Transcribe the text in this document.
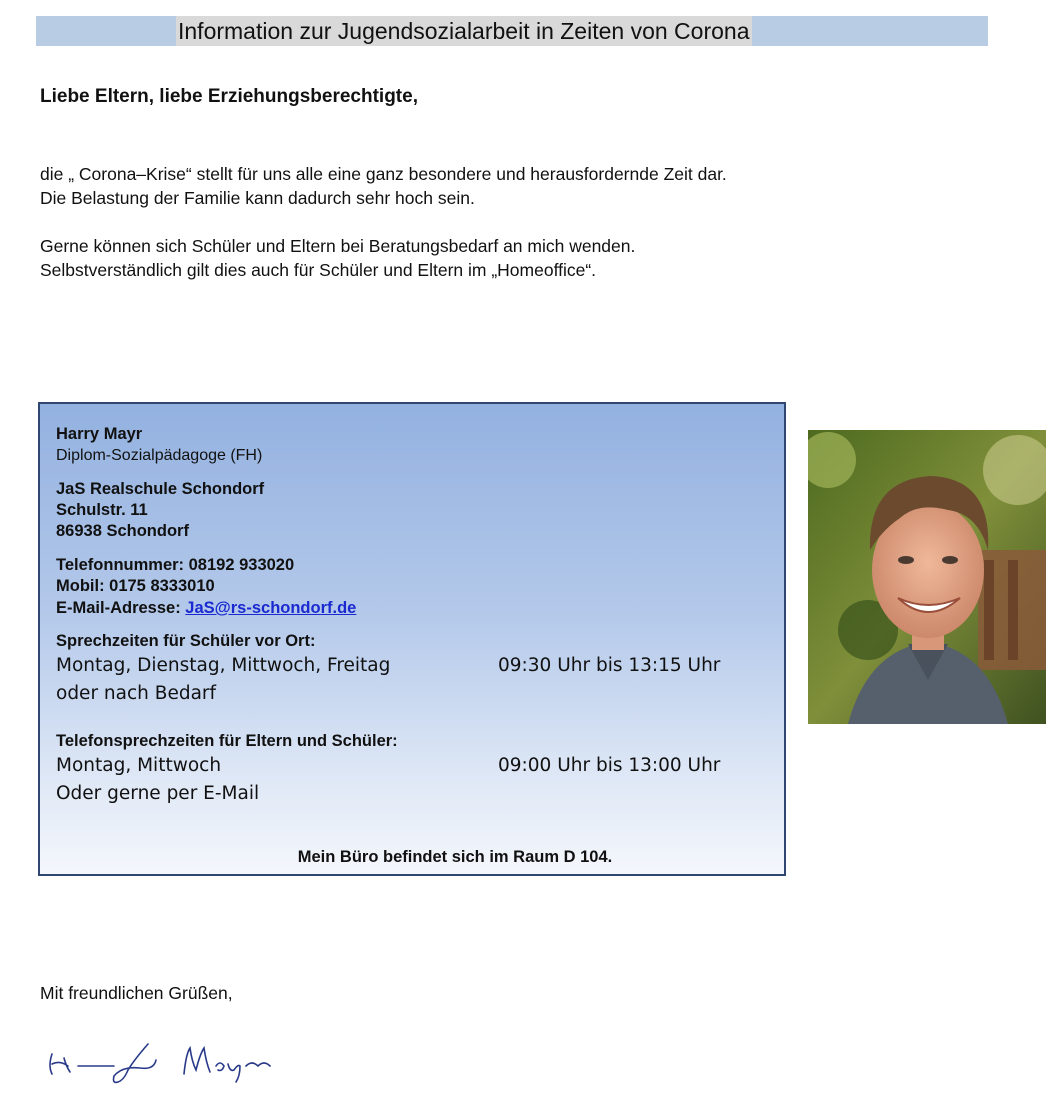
Information zur Jugendsozialarbeit in Zeiten von Corona
Liebe Eltern, liebe Erziehungsberechtigte,
die „ Corona–Krise“ stellt für uns alle eine ganz besondere und herausfordernde Zeit dar.
Die Belastung der Familie kann dadurch sehr hoch sein.
Gerne können sich Schüler und Eltern bei Beratungsbedarf an mich wenden.
Selbstverständlich gilt dies auch für Schüler und Eltern im „Homeoffice“.
Harry Mayr
Diplom-Sozialpädagoge (FH)
JaS Realschule Schondorf
Schulstr. 11
86938 Schondorf
Telefonnummer: 08192 933020
Mobil: 0175 8333010
E-Mail-Adresse: JaS@rs-schondorf.de
Sprechzeiten für Schüler vor Ort:
Montag, Dienstag, Mittwoch, Freitag	09:30 Uhr bis 13:15 Uhr
oder nach Bedarf
Telefonsprechzeiten für Eltern und Schüler:
Montag, Mittwoch	09:00 Uhr bis 13:00 Uhr
Oder gerne per E-Mail
Mein Büro befindet sich im Raum D 104.
Mit freundlichen Grüßen,
